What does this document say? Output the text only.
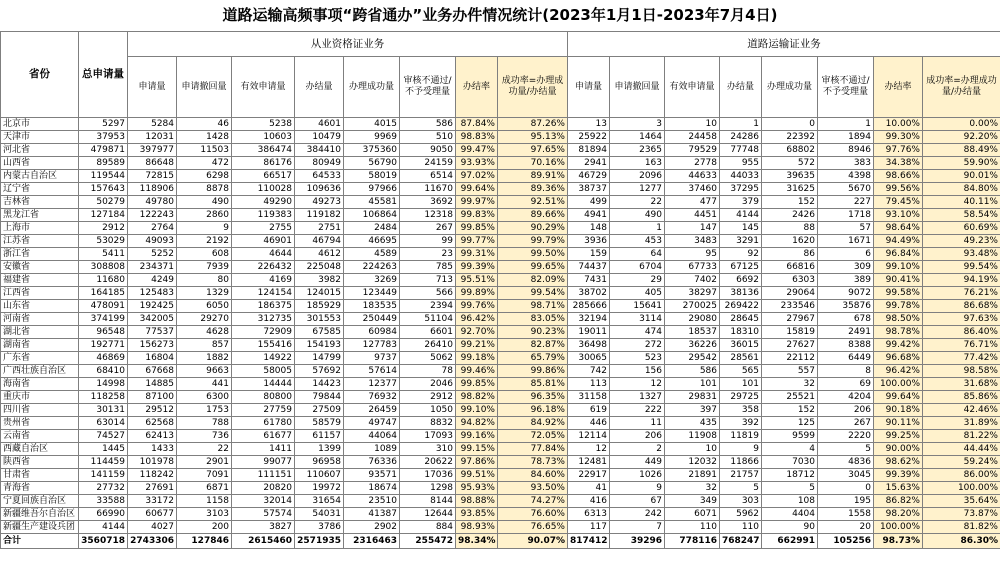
道路运输高频事项“跨省通办”业务办件情况统计(2023年1月1日-2023年7月4日)
省份	总申请量	从业资格证业务								道路运输证业务							
		申请量	申请撤回量	有效申请量	办结量	办理成功量	审核不通过/不予受理量	办结率	成功率=办理成功量/办结量	申请量	申请撤回量	有效申请量	办结量	办理成功量	审核不通过/不予受理量	办结率	成功率=办理成功量/办结量
北京市	5297	5284	46	5238	4601	4015	586	87.84%	87.26%	13	3	10	1	0	1	10.00%	0.00%
天津市	37953	12031	1428	10603	10479	9969	510	98.83%	95.13%	25922	1464	24458	24286	22392	1894	99.30%	92.20%
河北省	479871	397977	11503	386474	384410	375360	9050	99.47%	97.65%	81894	2365	79529	77748	68802	8946	97.76%	88.49%
山西省	89589	86648	472	86176	80949	56790	24159	93.93%	70.16%	2941	163	2778	955	572	383	34.38%	59.90%
内蒙古自治区	119544	72815	6298	66517	64533	58019	6514	97.02%	89.91%	46729	2096	44633	44033	39635	4398	98.66%	90.01%
辽宁省	157643	118906	8878	110028	109636	97966	11670	99.64%	89.36%	38737	1277	37460	37295	31625	5670	99.56%	84.80%
吉林省	50279	49780	490	49290	49273	45581	3692	99.97%	92.51%	499	22	477	379	152	227	79.45%	40.11%
黑龙江省	127184	122243	2860	119383	119182	106864	12318	99.83%	89.66%	4941	490	4451	4144	2426	1718	93.10%	58.54%
上海市	2912	2764	9	2755	2751	2484	267	99.85%	90.29%	148	1	147	145	88	57	98.64%	60.69%
江苏省	53029	49093	2192	46901	46794	46695	99	99.77%	99.79%	3936	453	3483	3291	1620	1671	94.49%	49.23%
浙江省	5411	5252	608	4644	4612	4589	23	99.31%	99.50%	159	64	95	92	86	6	96.84%	93.48%
安徽省	308808	234371	7939	226432	225048	224263	785	99.39%	99.65%	74437	6704	67733	67125	66816	309	99.10%	99.54%
福建省	11680	4249	80	4169	3982	3269	713	95.51%	82.09%	7431	29	7402	6692	6303	389	90.41%	94.19%
江西省	164185	125483	1329	124154	124015	123449	566	99.89%	99.54%	38702	405	38297	38136	29064	9072	99.58%	76.21%
山东省	478091	192425	6050	186375	185929	183535	2394	99.76%	98.71%	285666	15641	270025	269422	233546	35876	99.78%	86.68%
河南省	374199	342005	29270	312735	301553	250449	51104	96.42%	83.05%	32194	3114	29080	28645	27967	678	98.50%	97.63%
湖北省	96548	77537	4628	72909	67585	60984	6601	92.70%	90.23%	19011	474	18537	18310	15819	2491	98.78%	86.40%
湖南省	192771	156273	857	155416	154193	127783	26410	99.21%	82.87%	36498	272	36226	36015	27627	8388	99.42%	76.71%
广东省	46869	16804	1882	14922	14799	9737	5062	99.18%	65.79%	30065	523	29542	28561	22112	6449	96.68%	77.42%
广西壮族自治区	68410	67668	9663	58005	57692	57614	78	99.46%	99.86%	742	156	586	565	557	8	96.42%	98.58%
海南省	14998	14885	441	14444	14423	12377	2046	99.85%	85.81%	113	12	101	101	32	69	100.00%	31.68%
重庆市	118258	87100	6300	80800	79844	76932	2912	98.82%	96.35%	31158	1327	29831	29725	25521	4204	99.64%	85.86%
四川省	30131	29512	1753	27759	27509	26459	1050	99.10%	96.18%	619	222	397	358	152	206	90.18%	42.46%
贵州省	63014	62568	788	61780	58579	49747	8832	94.82%	84.92%	446	11	435	392	125	267	90.11%	31.89%
云南省	74527	62413	736	61677	61157	44064	17093	99.16%	72.05%	12114	206	11908	11819	9599	2220	99.25%	81.22%
西藏自治区	1445	1433	22	1411	1399	1089	310	99.15%	77.84%	12	2	10	9	4	5	90.00%	44.44%
陕西省	114459	101978	2901	99077	96958	76336	20622	97.86%	78.73%	12481	449	12032	11866	7030	4836	98.62%	59.24%
甘肃省	141159	118242	7091	111151	110607	93571	17036	99.51%	84.60%	22917	1026	21891	21757	18712	3045	99.39%	86.00%
青海省	27732	27691	6871	20820	19972	18674	1298	95.93%	93.50%	41	9	32	5	5	0	15.63%	100.00%
宁夏回族自治区	33588	33172	1158	32014	31654	23510	8144	98.88%	74.27%	416	67	349	303	108	195	86.82%	35.64%
新疆维吾尔自治区	66990	60677	3103	57574	54031	41387	12644	93.85%	76.60%	6313	242	6071	5962	4404	1558	98.20%	73.87%
新疆生产建设兵团	4144	4027	200	3827	3786	2902	884	98.93%	76.65%	117	7	110	110	90	20	100.00%	81.82%
合计	3560718	2743306	127846	2615460	2571935	2316463	255472	98.34%	90.07%	817412	39296	778116	768247	662991	105256	98.73%	86.30%
